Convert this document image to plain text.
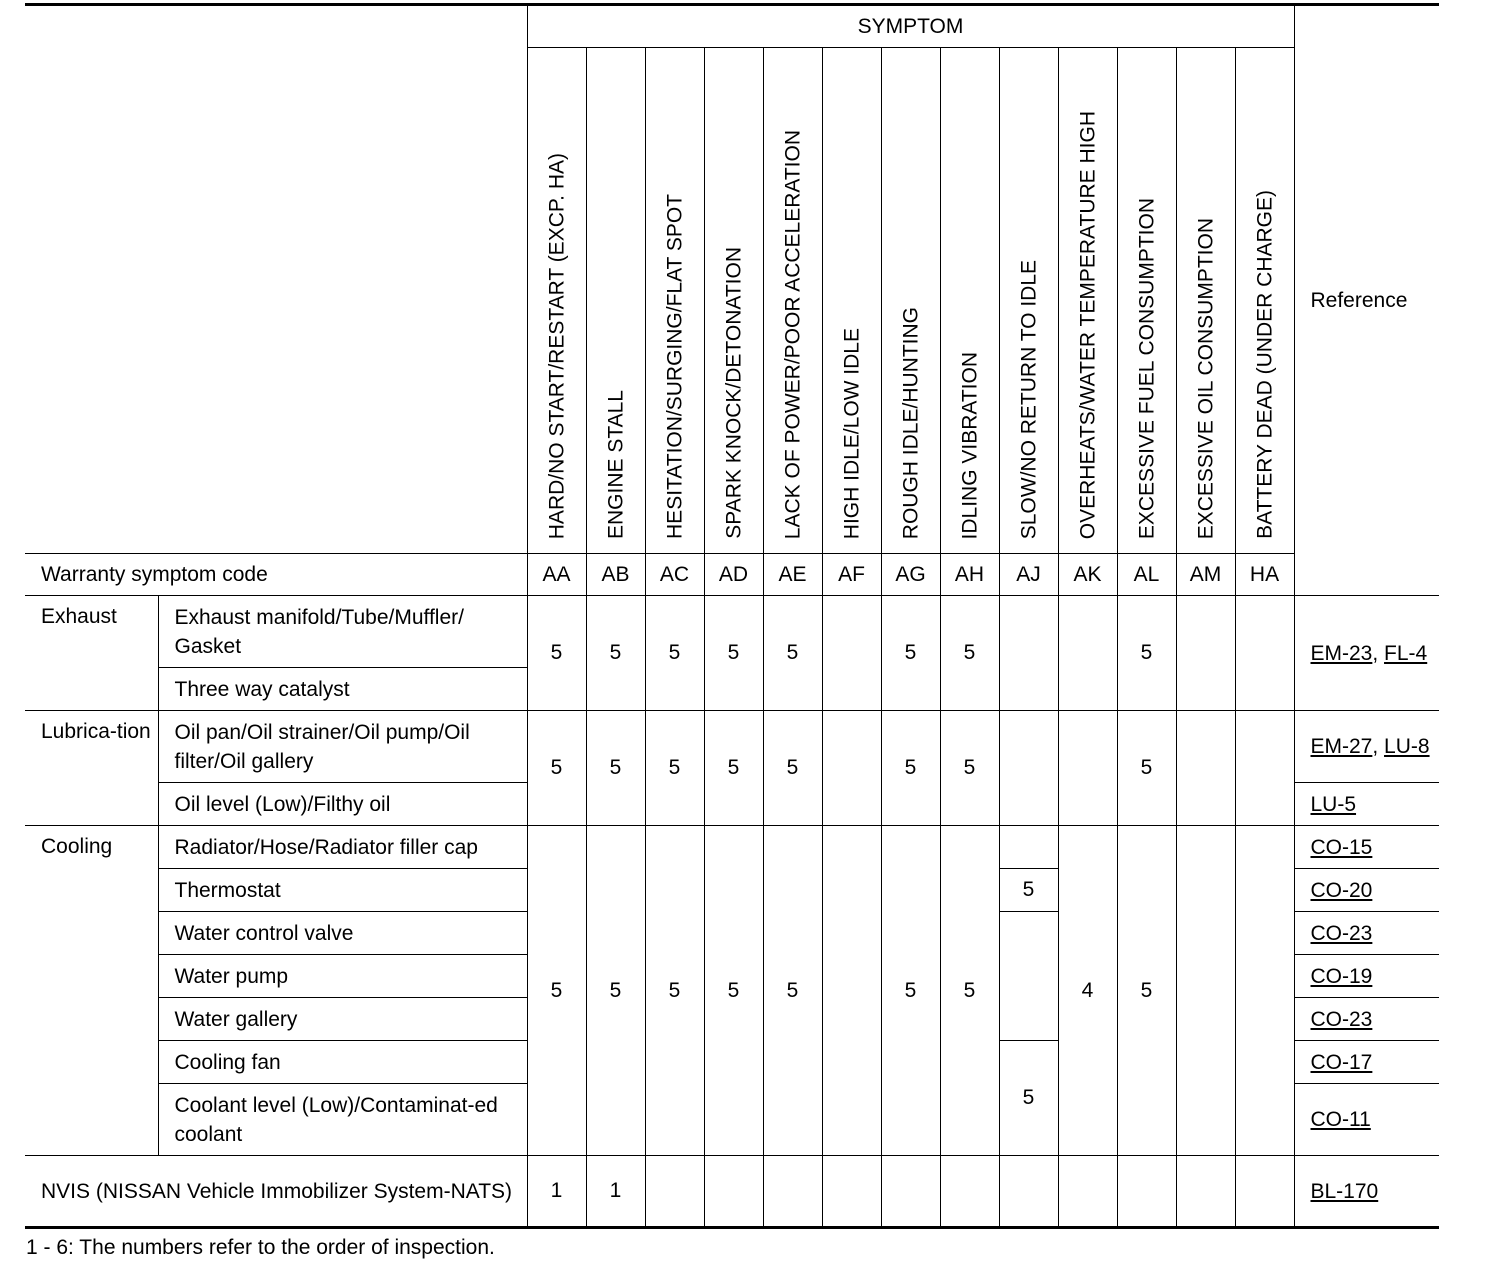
		SYMPTOM													Reference

		HARD/NO START/RESTART (EXCP. HA)	ENGINE STALL	HESITATION/SURGING/FLAT SPOT	SPARK KNOCK/DETONATION	LACK OF POWER/POOR ACCELERATION	HIGH IDLE/LOW IDLE	ROUGH IDLE/HUNTING	IDLING VIBRATION	SLOW/NO RETURN TO IDLE	OVERHEATS/WATER TEMPERATURE HIGH	EXCESSIVE FUEL CONSUMPTION	EXCESSIVE OIL CONSUMPTION	BATTERY DEAD (UNDER CHARGE)	

Warranty symptom code		AA	AB	AC	AD	AE	AF	AG	AH	AJ	AK	AL	AM	HA	
Exhaust	Exhaust manifold/Tube/Muffler/ Gasket	5	5	5	5	5		5	5			5			EM-23, FL-4
	Three way catalyst														
Lubrica-tion	Oil pan/Oil strainer/Oil pump/Oil filter/Oil gallery	5	5	5	5	5		5	5			5			EM-27, LU-8
	Oil level (Low)/Filthy oil														LU-5
Cooling	Radiator/Hose/Radiator filler cap	5	5	5	5	5		5	5		4	5			CO-15
	Thermostat									5					CO-20
	Water control valve														CO-23
	Water pump														CO-19
	Water gallery														CO-23
	Cooling fan									5					CO-17
	Coolant level (Low)/Contaminat-ed coolant														CO-11
NVIS (NISSAN Vehicle Immobilizer System-NATS)		1	1												BL-170
1 - 6: The numbers refer to the order of inspection.
